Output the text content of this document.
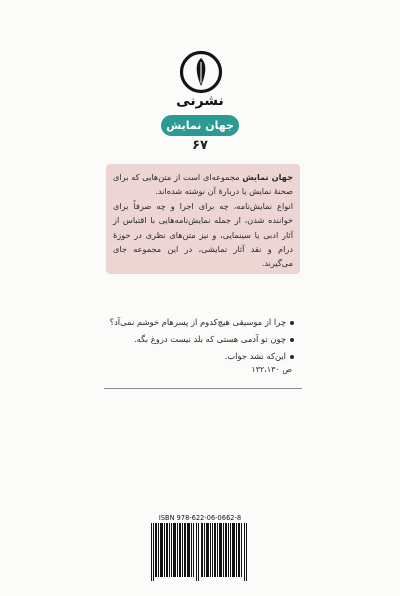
نشرنی
جهان نمایش
۶۷

جهان نمایش مجموعه‌ای است از متن‌هایی که برای صحنهٔ نمایش یا دربارهٔ آن نوشته شده‌اند.

انواع نمایش‌نامه، چه برای اجرا و چه صرفاً برای خواننده شدن، از جمله نمایش‌نامه‌هایی با اقتباس از آثار ادبی یا سینمایی، و نیز متن‌های نظری در حوزهٔ درام و نقد آثار نمایشی، در این مجموعه جای می‌گیرند.

چرا از موسیقی هیچ‌کدوم از پسرهام خوشم نمی‌آد؟
چون تو آدمی هستی که بلد نیست دروغ بگه.
این‌که نشد جواب.
ص ۱۳۲،۱۳۰
ISBN 978-622-06-0662-8
